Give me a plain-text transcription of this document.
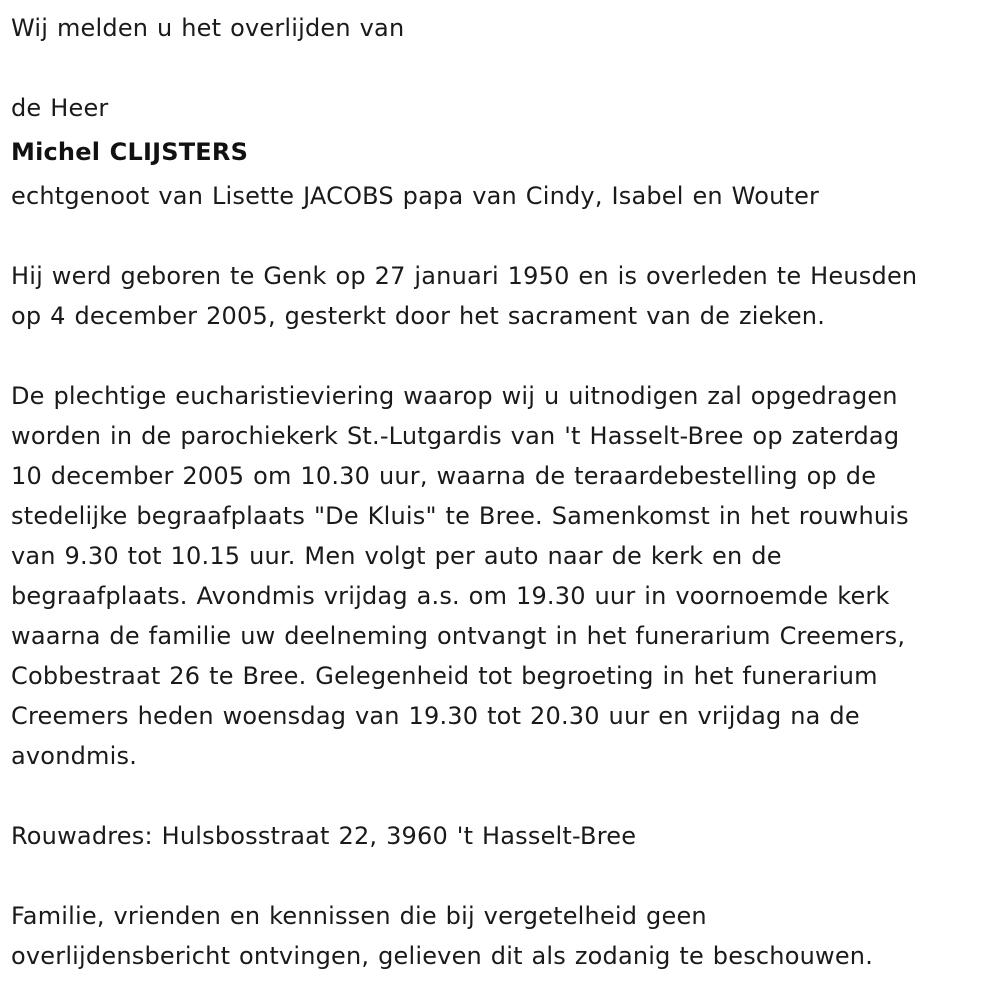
Wij melden u het overlijden van
de Heer
Michel CLIJSTERS
echtgenoot van Lisette JACOBS papa van Cindy, Isabel en Wouter
Hij werd geboren te Genk op 27 januari 1950 en is overleden te Heusden
op 4 december 2005, gesterkt door het sacrament van de zieken.
De plechtige eucharistieviering waarop wij u uitnodigen zal opgedragen
worden in de parochiekerk St.-Lutgardis van 't Hasselt-Bree op zaterdag
10 december 2005 om 10.30 uur, waarna de teraardebestelling op de
stedelijke begraafplaats "De Kluis" te Bree. Samenkomst in het rouwhuis
van 9.30 tot 10.15 uur. Men volgt per auto naar de kerk en de
begraafplaats. Avondmis vrijdag a.s. om 19.30 uur in voornoemde kerk
waarna de familie uw deelneming ontvangt in het funerarium Creemers,
Cobbestraat 26 te Bree. Gelegenheid tot begroeting in het funerarium
Creemers heden woensdag van 19.30 tot 20.30 uur en vrijdag na de
avondmis.
Rouwadres: Hulsbosstraat 22, 3960 't Hasselt-Bree
Familie, vrienden en kennissen die bij vergetelheid geen
overlijdensbericht ontvingen, gelieven dit als zodanig te beschouwen.
